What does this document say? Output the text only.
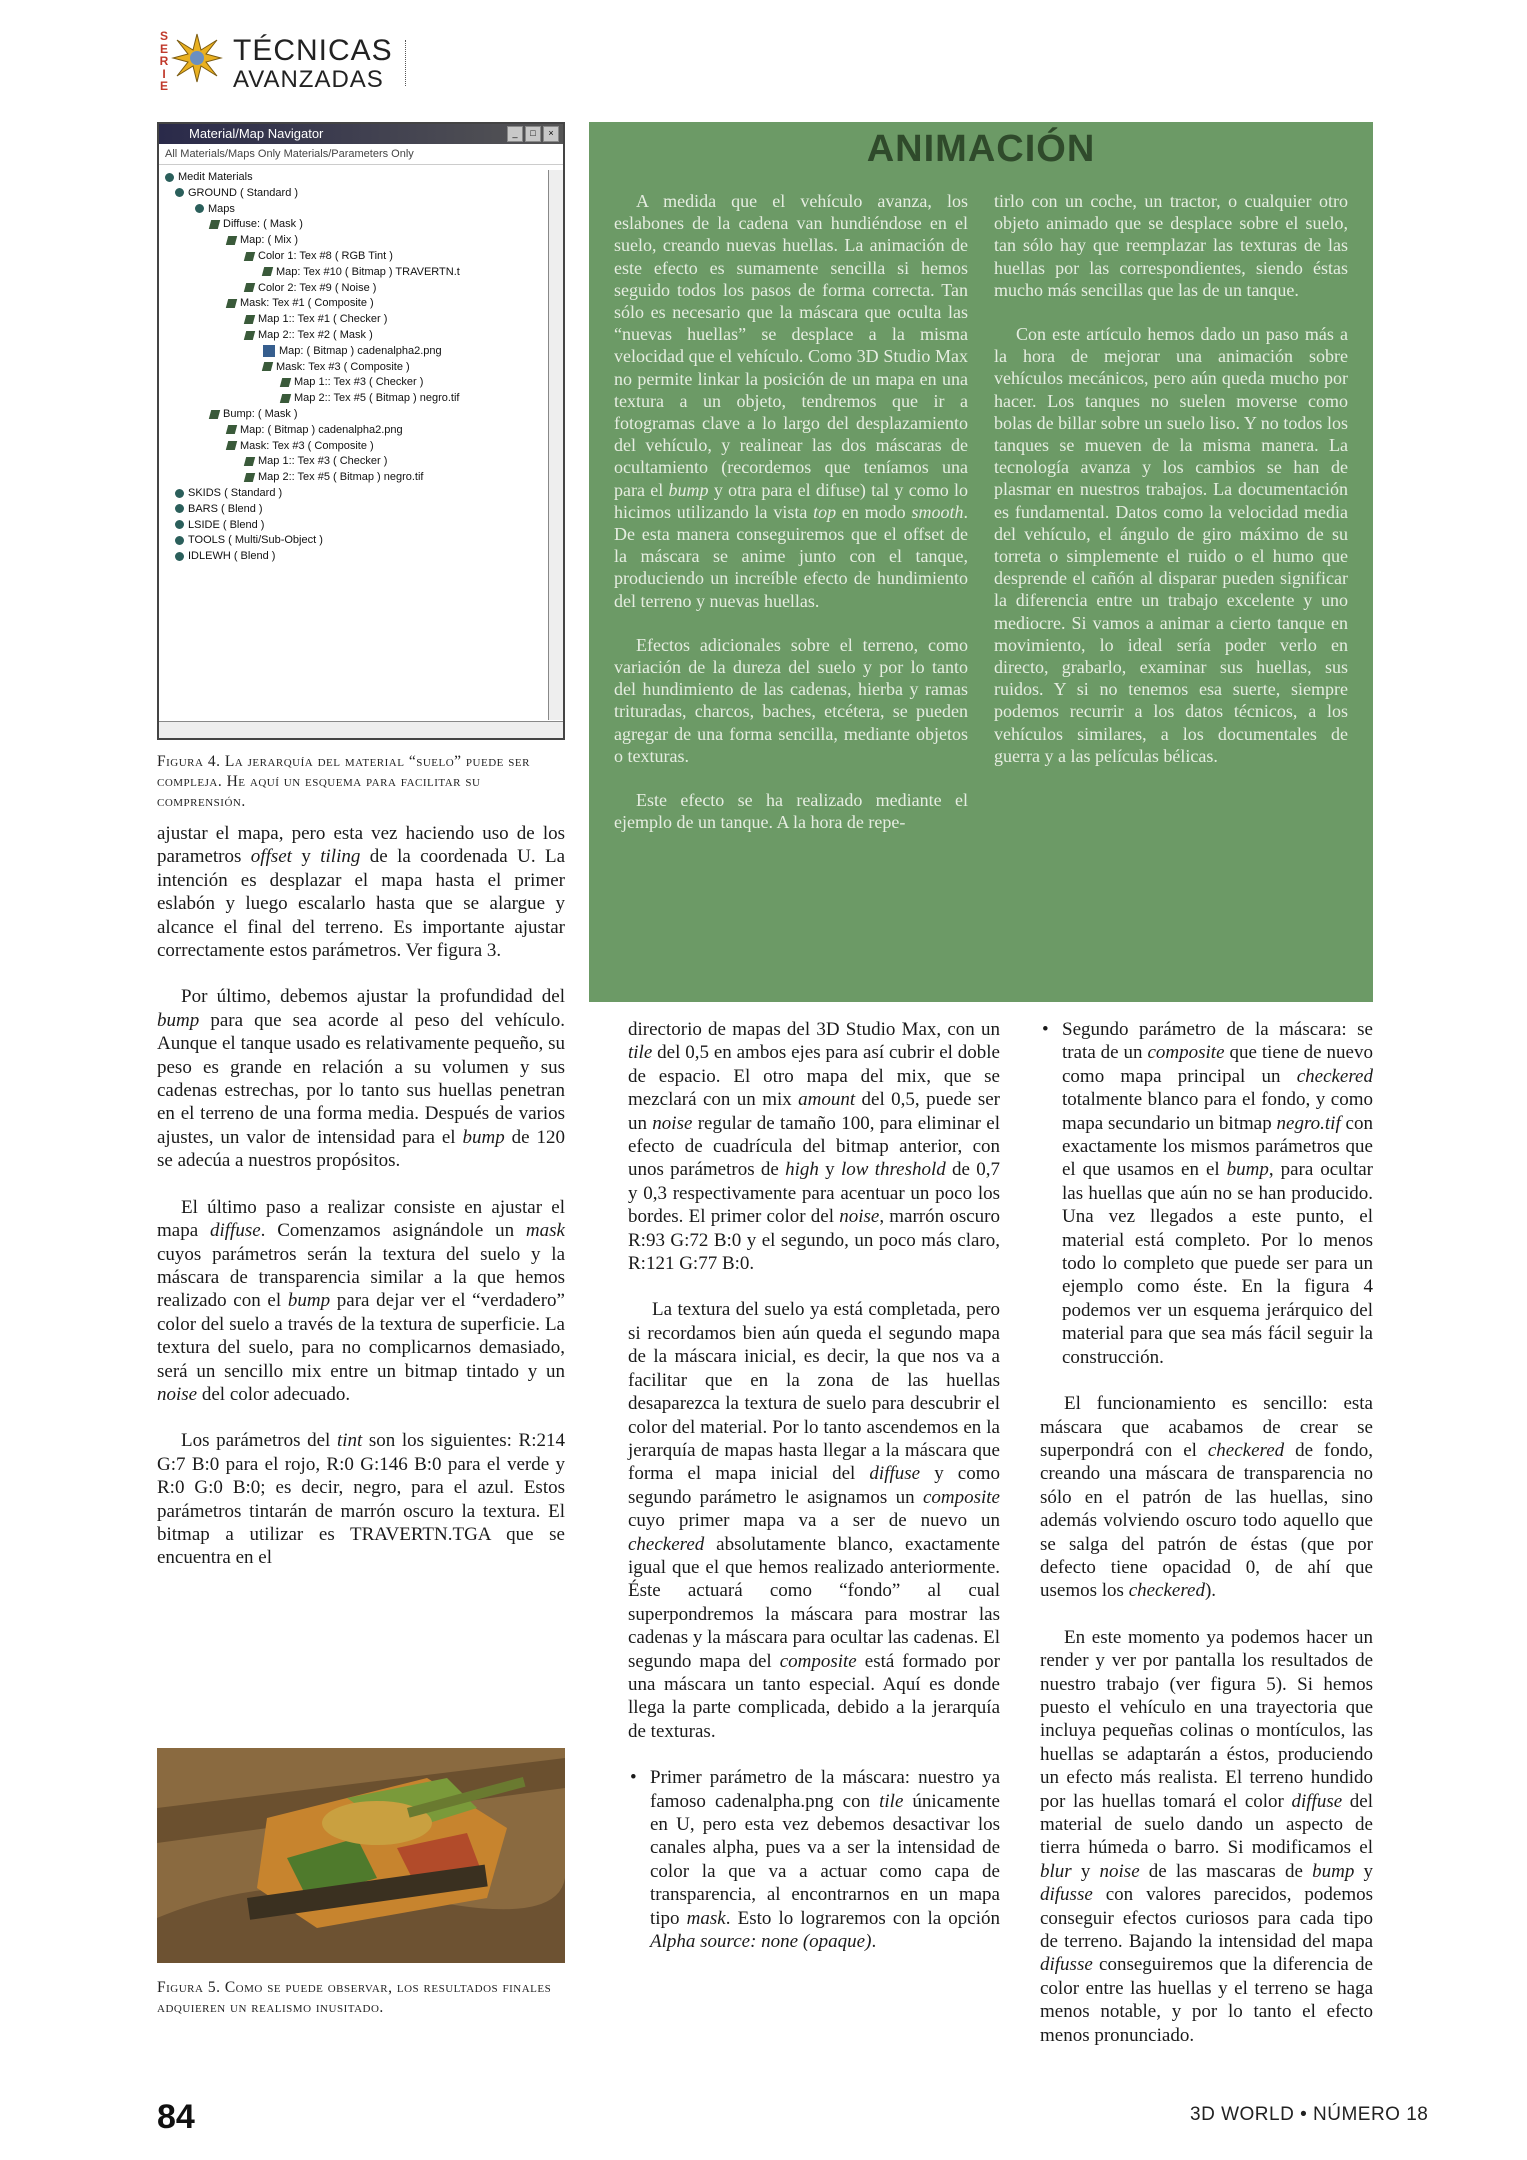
S
E
R
I
E
TÉCNICAS
AVANZADAS
Material/Map Navigator	_	□	×
All Materials/Maps Only Materials/Parameters Only
Medit Materials
GROUND ( Standard )
Maps
Diffuse: ( Mask )
Map: ( Mix )
Color 1: Tex #8 ( RGB Tint )
Map: Tex #10 ( Bitmap ) TRAVERTN.t
Color 2: Tex #9 ( Noise )
Mask: Tex #1 ( Composite )
Map 1:: Tex #1 ( Checker )
Map 2:: Tex #2 ( Mask )
Map: ( Bitmap ) cadenalpha2.png
Mask: Tex #3 ( Composite )
Map 1:: Tex #3 ( Checker )
Map 2:: Tex #5 ( Bitmap ) negro.tif
Bump: ( Mask )
Map: ( Bitmap ) cadenalpha2.png
Mask: Tex #3 ( Composite )
Map 1:: Tex #3 ( Checker )
Map 2:: Tex #5 ( Bitmap ) negro.tif
SKIDS ( Standard )
BARS ( Blend )
LSIDE ( Blend )
TOOLS ( Multi/Sub-Object )
IDLEWH ( Blend )
Figura 4. La jerarquía del material “suelo” puede ser compleja. He aquí un esquema para facilitar su comprensión.

ajustar el mapa, pero esta vez haciendo uso de los parametros offset y tiling de la coordenada U. La intención es desplazar el mapa hasta el primer eslabón y luego escalarlo hasta que se alargue y alcance el final del terreno. Es importante ajustar correctamente estos parámetros. Ver figura 3.

Por último, debemos ajustar la profundidad del bump para que sea acorde al peso del vehículo. Aunque el tanque usado es relativamente pequeño, su peso es grande en relación a su volumen y sus cadenas estrechas, por lo tanto sus huellas penetran en el terreno de una forma media. Después de varios ajustes, un valor de intensidad para el bump de 120 se adecúa a nuestros propósitos.

El último paso a realizar consiste en ajustar el mapa diffuse. Comenzamos asignándole un mask cuyos parámetros serán la textura del suelo y la máscara de transparencia similar a la que hemos realizado con el bump para dejar ver el “verdadero” color del suelo a través de la textura de superficie. La textura del suelo, para no complicarnos demasiado, será un sencillo mix entre un bitmap tintado y un noise del color adecuado.

Los parámetros del tint son los siguientes: R:214 G:7 B:0 para el rojo, R:0 G:146 B:0 para el verde y R:0 G:0 B:0; es decir, negro, para el azul. Estos parámetros tintarán de marrón oscuro la textura. El bitmap a utilizar es TRAVERTN.TGA que se encuentra en el

Figura 5. Como se puede observar, los resultados finales adquieren un realismo inusitado.
ANIMACIÓN

A medida que el vehículo avanza, los eslabones de la cadena van hundiéndose en el suelo, creando nuevas huellas. La animación de este efecto es sumamente sencilla si hemos seguido todos los pasos de forma correcta. Tan sólo es necesario que la máscara que oculta las “nuevas huellas” se desplace a la misma velocidad que el vehículo. Como 3D Studio Max no permite linkar la posición de un mapa en una textura a un objeto, tendremos que ir a fotogramas clave a lo largo del desplazamiento del vehículo, y realinear las dos máscaras de ocultamiento (recordemos que teníamos una para el bump y otra para el difuse) tal y como lo hicimos utilizando la vista top en modo smooth. De esta manera conseguiremos que el offset de la máscara se anime junto con el tanque, produciendo un increíble efecto de hundimiento del terreno y nuevas huellas.

Efectos adicionales sobre el terreno, como variación de la dureza del suelo y por lo tanto del hundimiento de las cadenas, hierba y ramas trituradas, charcos, baches, etcétera, se pueden agregar de una forma sencilla, mediante objetos o texturas.

Este efecto se ha realizado mediante el ejemplo de un tanque. A la hora de repe-

tirlo con un coche, un tractor, o cualquier otro objeto animado que se desplace sobre el suelo, tan sólo hay que reemplazar las texturas de las huellas por las correspondientes, siendo éstas mucho más sencillas que las de un tanque.

Con este artículo hemos dado un paso más a la hora de mejorar una animación sobre vehículos mecánicos, pero aún queda mucho por hacer. Los tanques no suelen moverse como bolas de billar sobre un suelo liso. Y no todos los tanques se mueven de la misma manera. La tecnología avanza y los cambios se han de plasmar en nuestros trabajos. La documentación es fundamental. Datos como la velocidad media del vehículo, el ángulo de giro máximo de su torreta o simplemente el ruido o el humo que desprende el cañón al disparar pueden significar la diferencia entre un trabajo excelente y uno mediocre. Si vamos a animar a cierto tanque en movimiento, lo ideal sería poder verlo en directo, grabarlo, examinar sus huellas, sus ruidos. Y si no tenemos esa suerte, siempre podemos recurrir a los datos técnicos, a los vehículos similares, a los documentales de guerra y a las películas bélicas.

directorio de mapas del 3D Studio Max, con un tile del 0,5 en ambos ejes para así cubrir el doble de espacio. El otro mapa del mix, que se mezclará con un mix amount del 0,5, puede ser un noise regular de tamaño 100, para eliminar el efecto de cuadrícula del bitmap anterior, con unos parámetros de high y low threshold de 0,7 y 0,3 respectivamente para acentuar un poco los bordes. El primer color del noise, marrón oscuro R:93 G:72 B:0 y el segundo, un poco más claro, R:121 G:77 B:0.

La textura del suelo ya está completada, pero si recordamos bien aún queda el segundo mapa de la máscara inicial, es decir, la que nos va a facilitar que en la zona de las huellas desaparezca la textura de suelo para descubrir el color del material. Por lo tanto ascendemos en la jerarquía de mapas hasta llegar a la máscara que forma el mapa inicial del diffuse y como segundo parámetro le asignamos un composite cuyo primer mapa va a ser de nuevo un checkered absolutamente blanco, exactamente igual que el que hemos realizado anteriormente. Éste actuará como “fondo” al cual superpondremos la máscara para mostrar las cadenas y la máscara para ocultar las cadenas. El segundo mapa del composite está formado por una máscara un tanto especial. Aquí es donde llega la parte complicada, debido a la jerarquía de texturas.

• Primer parámetro de la máscara: nuestro ya famoso cadenalpha.png con tile únicamente en U, pero esta vez debemos desactivar los canales alpha, pues va a ser la intensidad de color la que va a actuar como capa de transparencia, al encontrarnos en un mapa tipo mask. Esto lo lograremos con la opción Alpha source: none (opaque).
• Segundo parámetro de la máscara: se trata de un composite que tiene de nuevo como mapa principal un checkered totalmente blanco para el fondo, y como mapa secundario un bitmap negro.tif con exactamente los mismos parámetros que el que usamos en el bump, para ocultar las huellas que aún no se han producido. Una vez llegados a este punto, el material está completo. Por lo menos todo lo completo que puede ser para un ejemplo como éste. En la figura 4 podemos ver un esquema jerárquico del material para que sea más fácil seguir la construcción.

El funcionamiento es sencillo: esta máscara que acabamos de crear se superpondrá con el checkered de fondo, creando una máscara de transparencia no sólo en el patrón de las huellas, sino además volviendo oscuro todo aquello que se salga del patrón de éstas (que por defecto tiene opacidad 0, de ahí que usemos los checkered).

En este momento ya podemos hacer un render y ver por pantalla los resultados de nuestro trabajo (ver figura 5). Si hemos puesto el vehículo en una trayectoria que incluya pequeñas colinas o montículos, las huellas se adaptarán a éstos, produciendo un efecto más realista. El terreno hundido por las huellas tomará el color diffuse del material de suelo dando un aspecto de tierra húmeda o barro. Si modificamos el blur y noise de las mascaras de bump y difusse con valores parecidos, podemos conseguir efectos curiosos para cada tipo de terreno. Bajando la intensidad del mapa difusse conseguiremos que la diferencia de color entre las huellas y el terreno se haga menos notable, y por lo tanto el efecto menos pronunciado.

84	3D WORLD • NÚMERO 18
